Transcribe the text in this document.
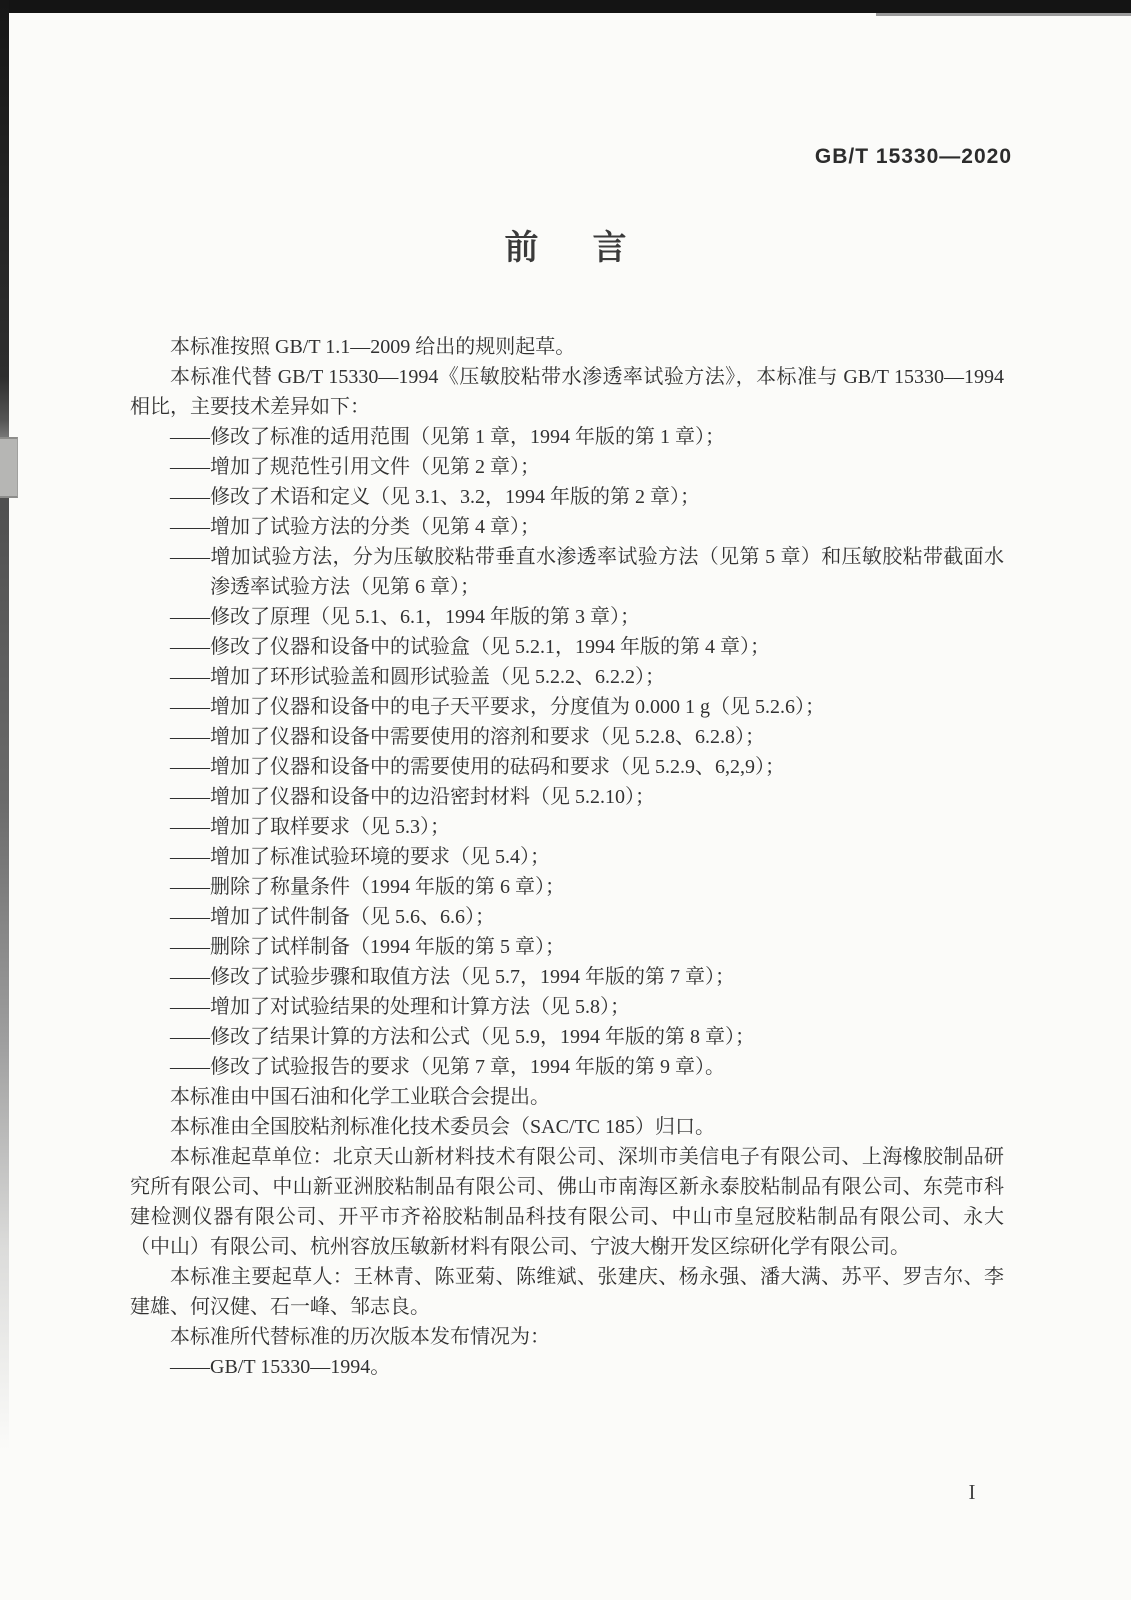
GB/T 15330—2020
前 言

本标准按照 GB/T 1.1—2009 给出的规则起草。

本标准代替 GB/T 15330—1994《压敏胶粘带水渗透率试验方法》，本标准与 GB/T 15330—1994 相比，主要技术差异如下：

——修改了标准的适用范围（见第 1 章，1994 年版的第 1 章）；

——增加了规范性引用文件（见第 2 章）；

——修改了术语和定义（见 3.1、3.2，1994 年版的第 2 章）；

——增加了试验方法的分类（见第 4 章）；

——增加试验方法，分为压敏胶粘带垂直水渗透率试验方法（见第 5 章）和压敏胶粘带截面水渗透率试验方法（见第 6 章）；

——修改了原理（见 5.1、6.1，1994 年版的第 3 章）；

——修改了仪器和设备中的试验盒（见 5.2.1，1994 年版的第 4 章）；

——增加了环形试验盖和圆形试验盖（见 5.2.2、6.2.2）；

——增加了仪器和设备中的电子天平要求，分度值为 0.000 1 g（见 5.2.6）；

——增加了仪器和设备中需要使用的溶剂和要求（见 5.2.8、6.2.8）；

——增加了仪器和设备中的需要使用的砝码和要求（见 5.2.9、6,2,9）；

——增加了仪器和设备中的边沿密封材料（见 5.2.10）；

——增加了取样要求（见 5.3）；

——增加了标准试验环境的要求（见 5.4）；

——删除了称量条件（1994 年版的第 6 章）；

——增加了试件制备（见 5.6、6.6）；

——删除了试样制备（1994 年版的第 5 章）；

——修改了试验步骤和取值方法（见 5.7，1994 年版的第 7 章）；

——增加了对试验结果的处理和计算方法（见 5.8）；

——修改了结果计算的方法和公式（见 5.9，1994 年版的第 8 章）；

——修改了试验报告的要求（见第 7 章，1994 年版的第 9 章）。

本标准由中国石油和化学工业联合会提出。

本标准由全国胶粘剂标准化技术委员会（SAC/TC 185）归口。

本标准起草单位：北京天山新材料技术有限公司、深圳市美信电子有限公司、上海橡胶制品研究所有限公司、中山新亚洲胶粘制品有限公司、佛山市南海区新永泰胶粘制品有限公司、东莞市科建检测仪器有限公司、开平市齐裕胶粘制品科技有限公司、中山市皇冠胶粘制品有限公司、永大（中山）有限公司、杭州容放压敏新材料有限公司、宁波大榭开发区综研化学有限公司。

本标准主要起草人：王林青、陈亚菊、陈维斌、张建庆、杨永强、潘大满、苏平、罗吉尔、李建雄、何汉健、石一峰、邹志良。

本标准所代替标准的历次版本发布情况为：

——GB/T 15330—1994。

I
